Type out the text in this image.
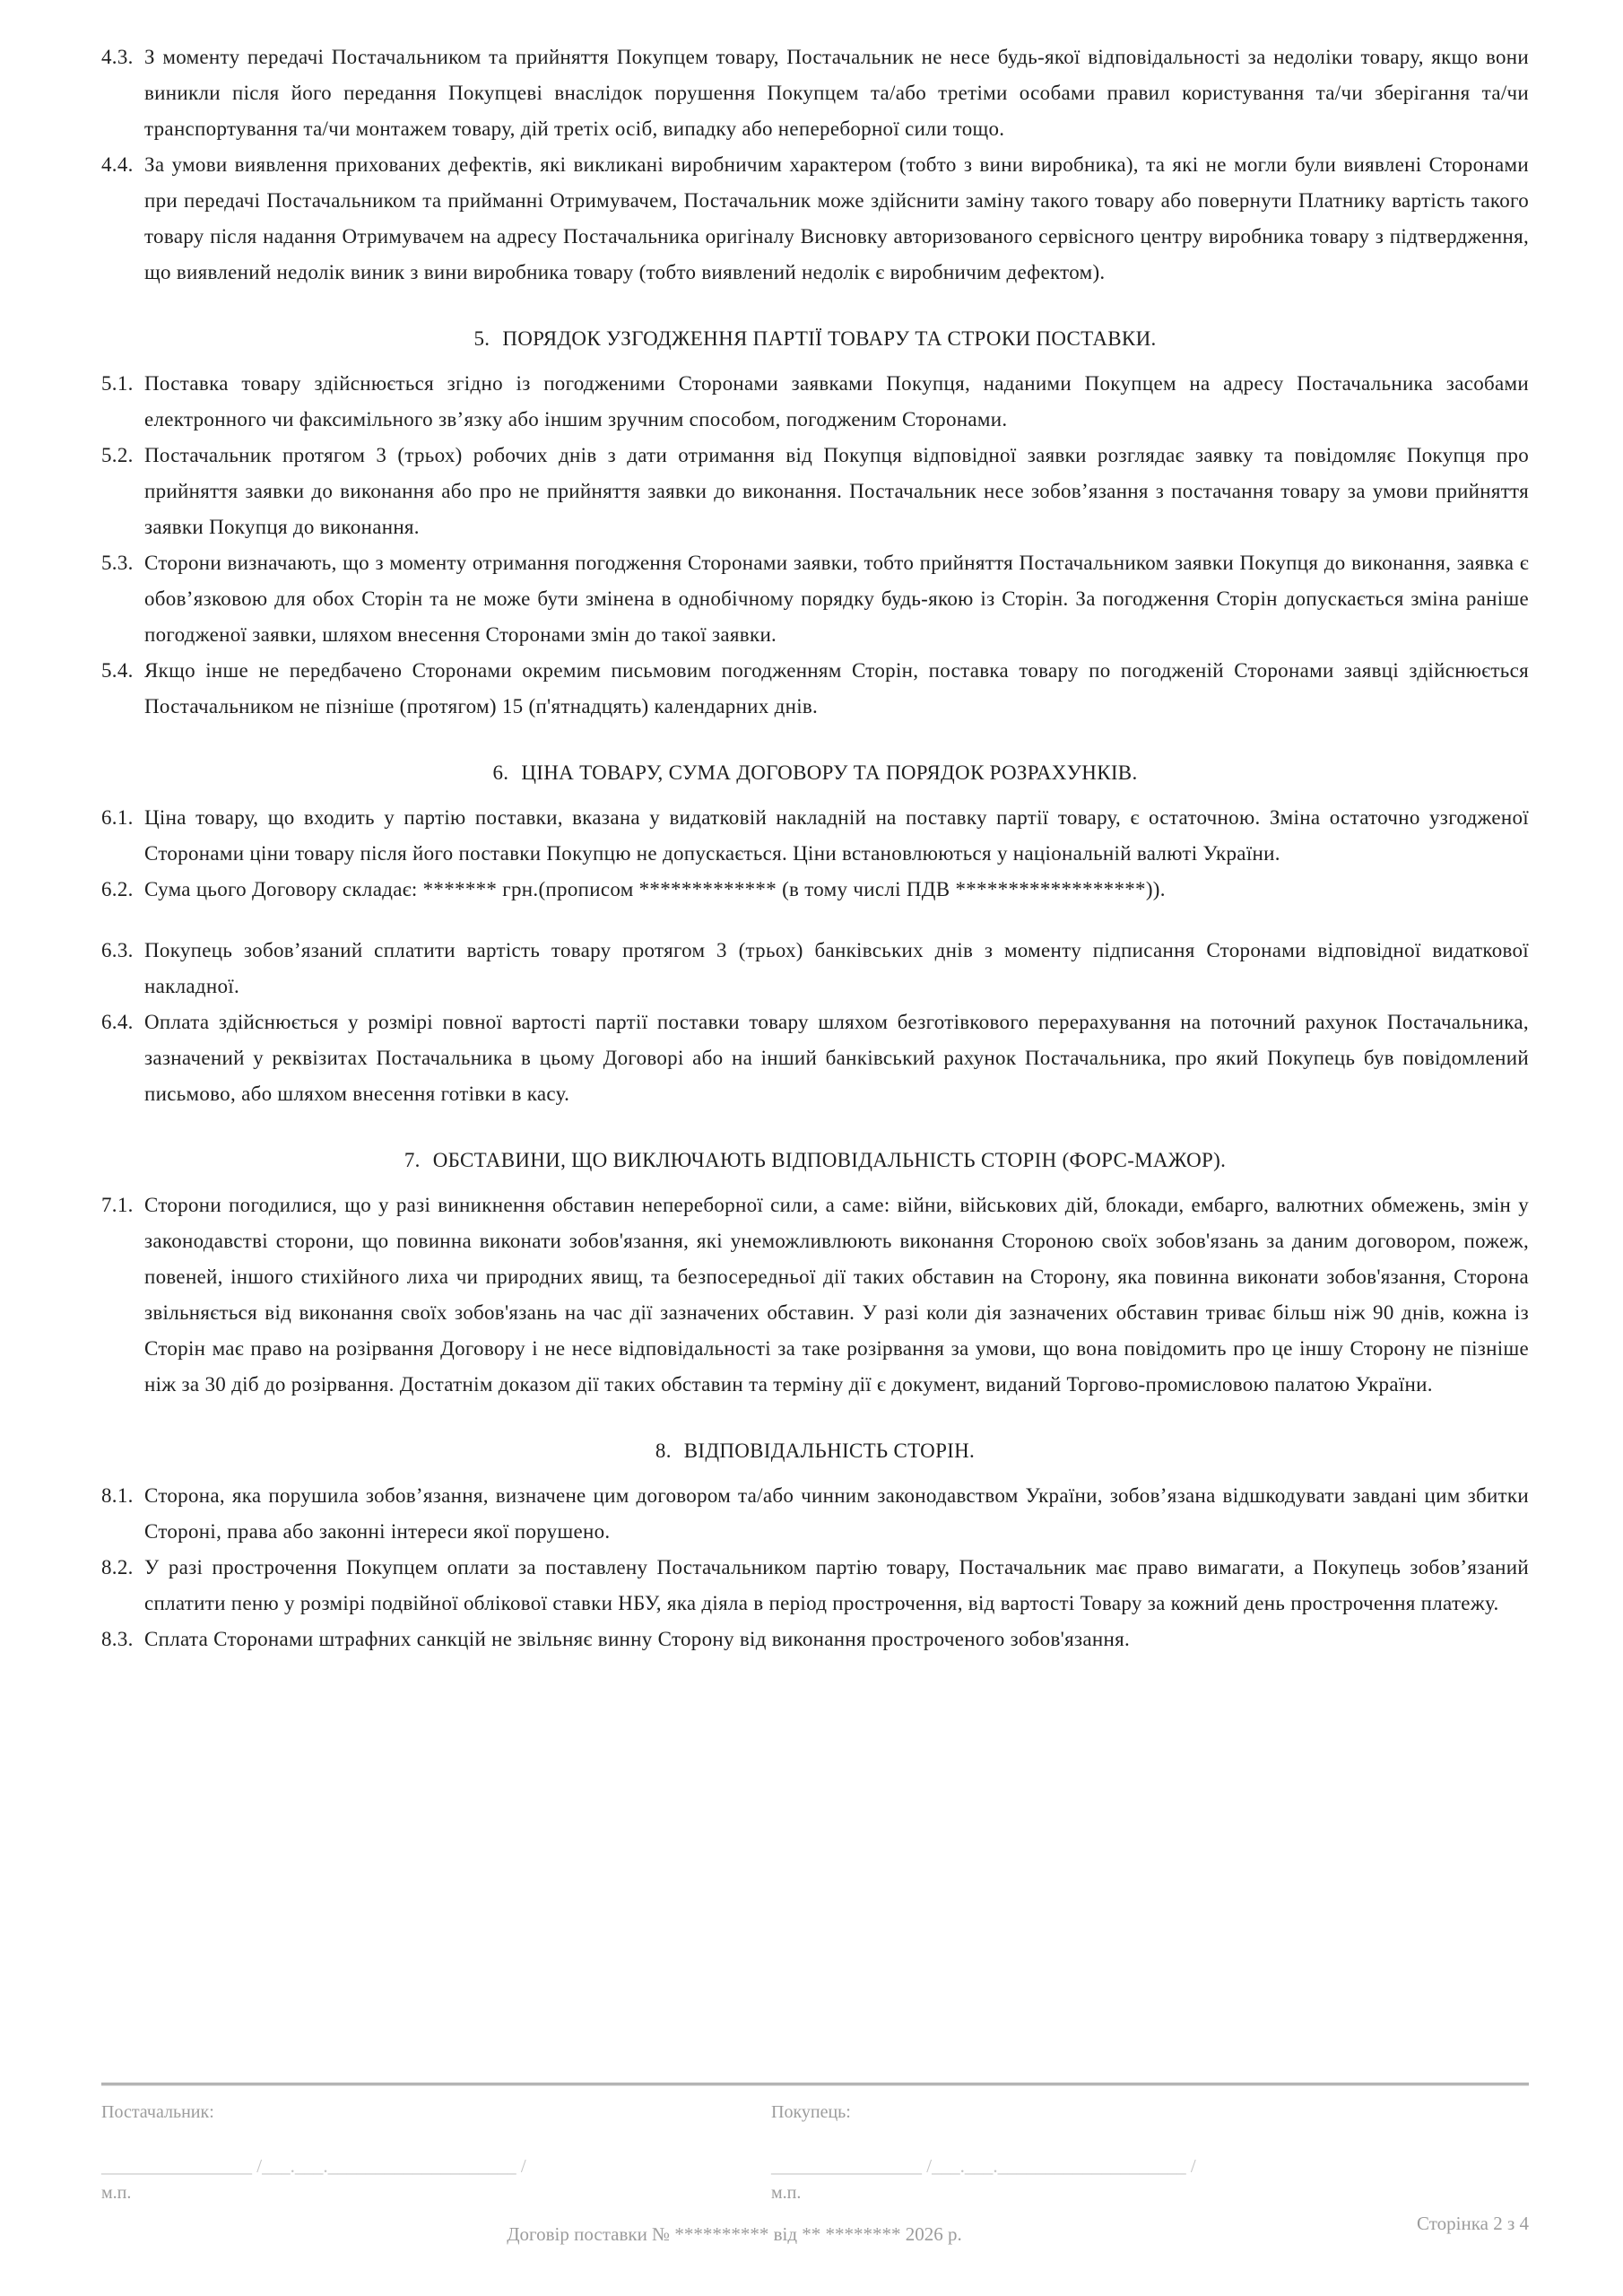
4.3. З моменту передачі Постачальником та прийняття Покупцем товару, Постачальник не несе будь-якої відповідальності за недоліки товару, якщо вони виникли після його передання Покупцеві внаслідок порушення Покупцем та/або третіми особами правил користування та/чи зберігання та/чи транспортування та/чи монтажем товару, дій третіх осіб, випадку або непереборної сили тощо.
4.4. За умови виявлення прихованих дефектів, які викликані виробничим характером (тобто з вини виробника), та які не могли були виявлені Сторонами при передачі Постачальником та прийманні Отримувачем, Постачальник може здійснити заміну такого товару або повернути Платнику вартість такого товару після надання Отримувачем на адресу Постачальника оригіналу Висновку авторизованого сервісного центру виробника товару з підтвердження, що виявлений недолік виник з вини виробника товару (тобто виявлений недолік є виробничим дефектом).
5. ПОРЯДОК УЗГОДЖЕННЯ ПАРТІЇ ТОВАРУ ТА СТРОКИ ПОСТАВКИ.
5.1. Поставка товару здійснюється згідно із погодженими Сторонами заявками Покупця, наданими Покупцем на адресу Постачальника засобами електронного чи факсимільного зв’язку або іншим зручним способом, погодженим Сторонами.
5.2. Постачальник протягом 3 (трьох) робочих днів з дати отримання від Покупця відповідної заявки розглядає заявку та повідомляє Покупця про прийняття заявки до виконання або про не прийняття заявки до виконання. Постачальник несе зобов’язання з постачання товару за умови прийняття заявки Покупця до виконання.
5.3. Сторони визначають, що з моменту отримання погодження Сторонами заявки, тобто прийняття Постачальником заявки Покупця до виконання, заявка є обов’язковою для обох Сторін та не може бути змінена в однобічному порядку будь-якою із Сторін. За погодження Сторін допускається зміна раніше погодженої заявки, шляхом внесення Сторонами змін до такої заявки.
5.4. Якщо інше не передбачено Сторонами окремим письмовим погодженням Сторін, поставка товару по погодженій Сторонами заявці здійснюється Постачальником не пізніше (протягом) 15 (п'ятнадцять) календарних днів.
6. ЦІНА ТОВАРУ, СУМА ДОГОВОРУ ТА ПОРЯДОК РОЗРАХУНКІВ.
6.1. Ціна товару, що входить у партію поставки, вказана у видатковій накладній на поставку партії товару, є остаточною. Зміна остаточно узгодженої Сторонами ціни товару після його поставки Покупцю не допускається. Ціни встановлюються у національній валюті України.
6.2. Сума цього Договору складає: ******* грн.(прописом ************* (в тому числі ПДВ ******************)).
6.3. Покупець зобов’язаний сплатити вартість товару протягом 3 (трьох) банківських днів з моменту підписання Сторонами відповідної видаткової накладної.
6.4. Оплата здійснюється у розмірі повної вартості партії поставки товару шляхом безготівкового перерахування на поточний рахунок Постачальника, зазначений у реквізитах Постачальника в цьому Договорі або на інший банківський рахунок Постачальника, про який Покупець був повідомлений письмово, або шляхом внесення готівки в касу.
7. ОБСТАВИНИ, ЩО ВИКЛЮЧАЮТЬ ВІДПОВІДАЛЬНІСТЬ СТОРІН (ФОРС-МАЖОР).
7.1. Сторони погодилися, що у разі виникнення обставин непереборної сили, а саме: війни, військових дій, блокади, ембарго, валютних обмежень, змін у законодавстві сторони, що повинна виконати зобов'язання, які унеможливлюють виконання Стороною своїх зобов'язань за даним договором, пожеж, повеней, іншого стихійного лиха чи природних явищ, та безпосередньої дії таких обставин на Сторону, яка повинна виконати зобов'язання, Сторона звільняється від виконання своїх зобов'язань на час дії зазначених обставин. У разі коли дія зазначених обставин триває більш ніж 90 днів, кожна із Сторін має право на розірвання Договору і не несе відповідальності за таке розірвання за умови, що вона повідомить про це іншу Сторону не пізніше ніж за 30 діб до розірвання. Достатнім доказом дії таких обставин та терміну дії є документ, виданий Торгово-промисловою палатою України.
8. ВІДПОВІДАЛЬНІСТЬ СТОРІН.
8.1. Сторона, яка порушила зобов’язання, визначене цим договором та/або чинним законодавством України, зобов’язана відшкодувати завдані цим збитки Стороні, права або законні інтереси якої порушено.
8.2. У разі прострочення Покупцем оплати за поставлену Постачальником партію товару, Постачальник має право вимагати, а Покупець зобов’язаний сплатити пеню у розмірі подвійної облікової ставки НБУ, яка діяла в період прострочення, від вартості Товару за кожний день прострочення платежу.
8.3. Сплата Сторонами штрафних санкцій не звільняє винну Сторону від виконання простроченого зобов'язання.
Постачальник:
________________ /___.___.____________________ /
м.п.
Покупець:
________________ /___.___.____________________ /
м.п.
Договір поставки № ********** від ** ******** 2026 р.	Сторінка 2 з 4
